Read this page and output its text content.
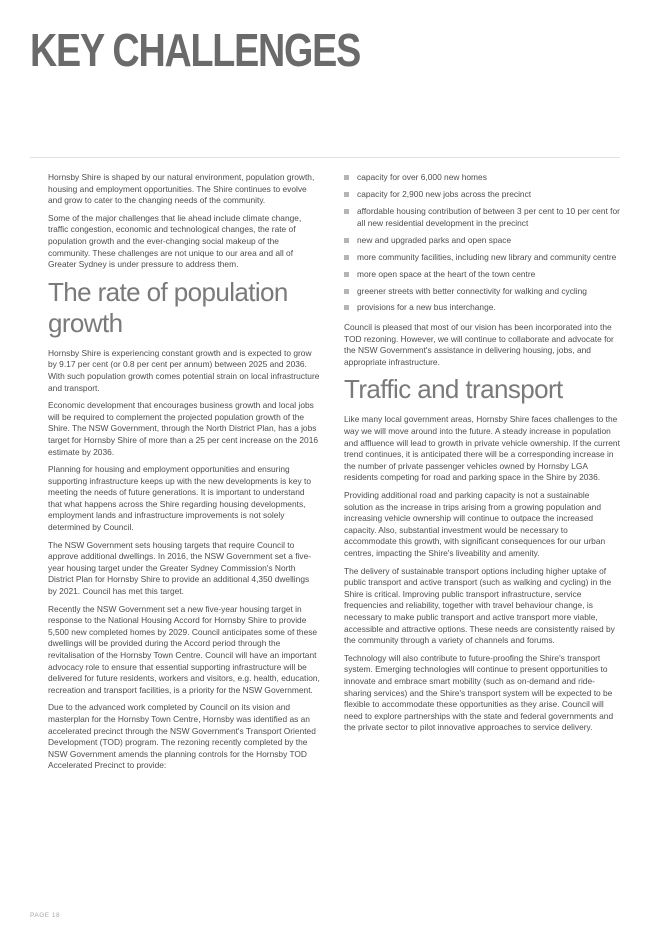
KEY CHALLENGES

Hornsby Shire is shaped by our natural environment, population growth, housing and employment opportunities. The Shire continues to evolve and grow to cater to the changing needs of the community.

Some of the major challenges that lie ahead include climate change, traffic congestion, economic and technological changes, the rate of population growth and the ever-changing social makeup of the community. These challenges are not unique to our area and all of Greater Sydney is under pressure to address them.

The rate of population growth

Hornsby Shire is experiencing constant growth and is expected to grow by 9.17 per cent (or 0.8 per cent per annum) between 2025 and 2036. With such population growth comes potential strain on local infrastructure and transport.

Economic development that encourages business growth and local jobs will be required to complement the projected population growth of the Shire. The NSW Government, through the North District Plan, has a jobs target for Hornsby Shire of more than a 25 per cent increase on the 2016 estimate by 2036.

Planning for housing and employment opportunities and ensuring supporting infrastructure keeps up with the new developments is key to meeting the needs of future generations. It is important to understand that what happens across the Shire regarding housing developments, employment lands and infrastructure improvements is not solely determined by Council.

The NSW Government sets housing targets that require Council to approve additional dwellings. In 2016, the NSW Government set a five-year housing target under the Greater Sydney Commission's North District Plan for Hornsby Shire to provide an additional 4,350 dwellings by 2021. Council has met this target.

Recently the NSW Government set a new five-year housing target in response to the National Housing Accord for Hornsby Shire to provide 5,500 new completed homes by 2029. Council anticipates some of these dwellings will be provided during the Accord period through the revitalisation of the Hornsby Town Centre. Council will have an important advocacy role to ensure that essential supporting infrastructure will be delivered for future residents, workers and visitors, e.g. health, education, recreation and transport facilities, is a priority for the NSW Government.

Due to the advanced work completed by Council on its vision and masterplan for the Hornsby Town Centre, Hornsby was identified as an accelerated precinct through the NSW Government's Transport Oriented Development (TOD) program. The rezoning recently completed by the NSW Government amends the planning controls for the Hornsby TOD Accelerated Precinct to provide:

capacity for over 6,000 new homes
capacity for 2,900 new jobs across the precinct
affordable housing contribution of between 3 per cent to 10 per cent for all new residential development in the precinct
new and upgraded parks and open space
more community facilities, including new library and community centre
more open space at the heart of the town centre
greener streets with better connectivity for walking and cycling
provisions for a new bus interchange.

Council is pleased that most of our vision has been incorporated into the TOD rezoning. However, we will continue to collaborate and advocate for the NSW Government's assistance in delivering housing, jobs, and appropriate infrastructure.

Traffic and transport

Like many local government areas, Hornsby Shire faces challenges to the way we will move around into the future. A steady increase in population and affluence will lead to growth in private vehicle ownership. If the current trend continues, it is anticipated there will be a corresponding increase in the number of private passenger vehicles owned by Hornsby LGA residents competing for road and parking space in the Shire by 2036.

Providing additional road and parking capacity is not a sustainable solution as the increase in trips arising from a growing population and increasing vehicle ownership will continue to outpace the increased capacity. Also, substantial investment would be necessary to accommodate this growth, with significant consequences for our urban centres, impacting the Shire's liveability and amenity.

The delivery of sustainable transport options including higher uptake of public transport and active transport (such as walking and cycling) in the Shire is critical. Improving public transport infrastructure, service frequencies and reliability, together with travel behaviour change, is necessary to make public transport and active transport more viable, accessible and attractive options. These needs are consistently raised by the community through a variety of channels and forums.

Technology will also contribute to future-proofing the Shire's transport system. Emerging technologies will continue to present opportunities to innovate and embrace smart mobility (such as on-demand and ride-sharing services) and the Shire's transport system will be expected to be flexible to accommodate these opportunities as they arise. Council will need to explore partnerships with the state and federal governments and the private sector to pilot innovative approaches to service delivery.

PAGE 18
